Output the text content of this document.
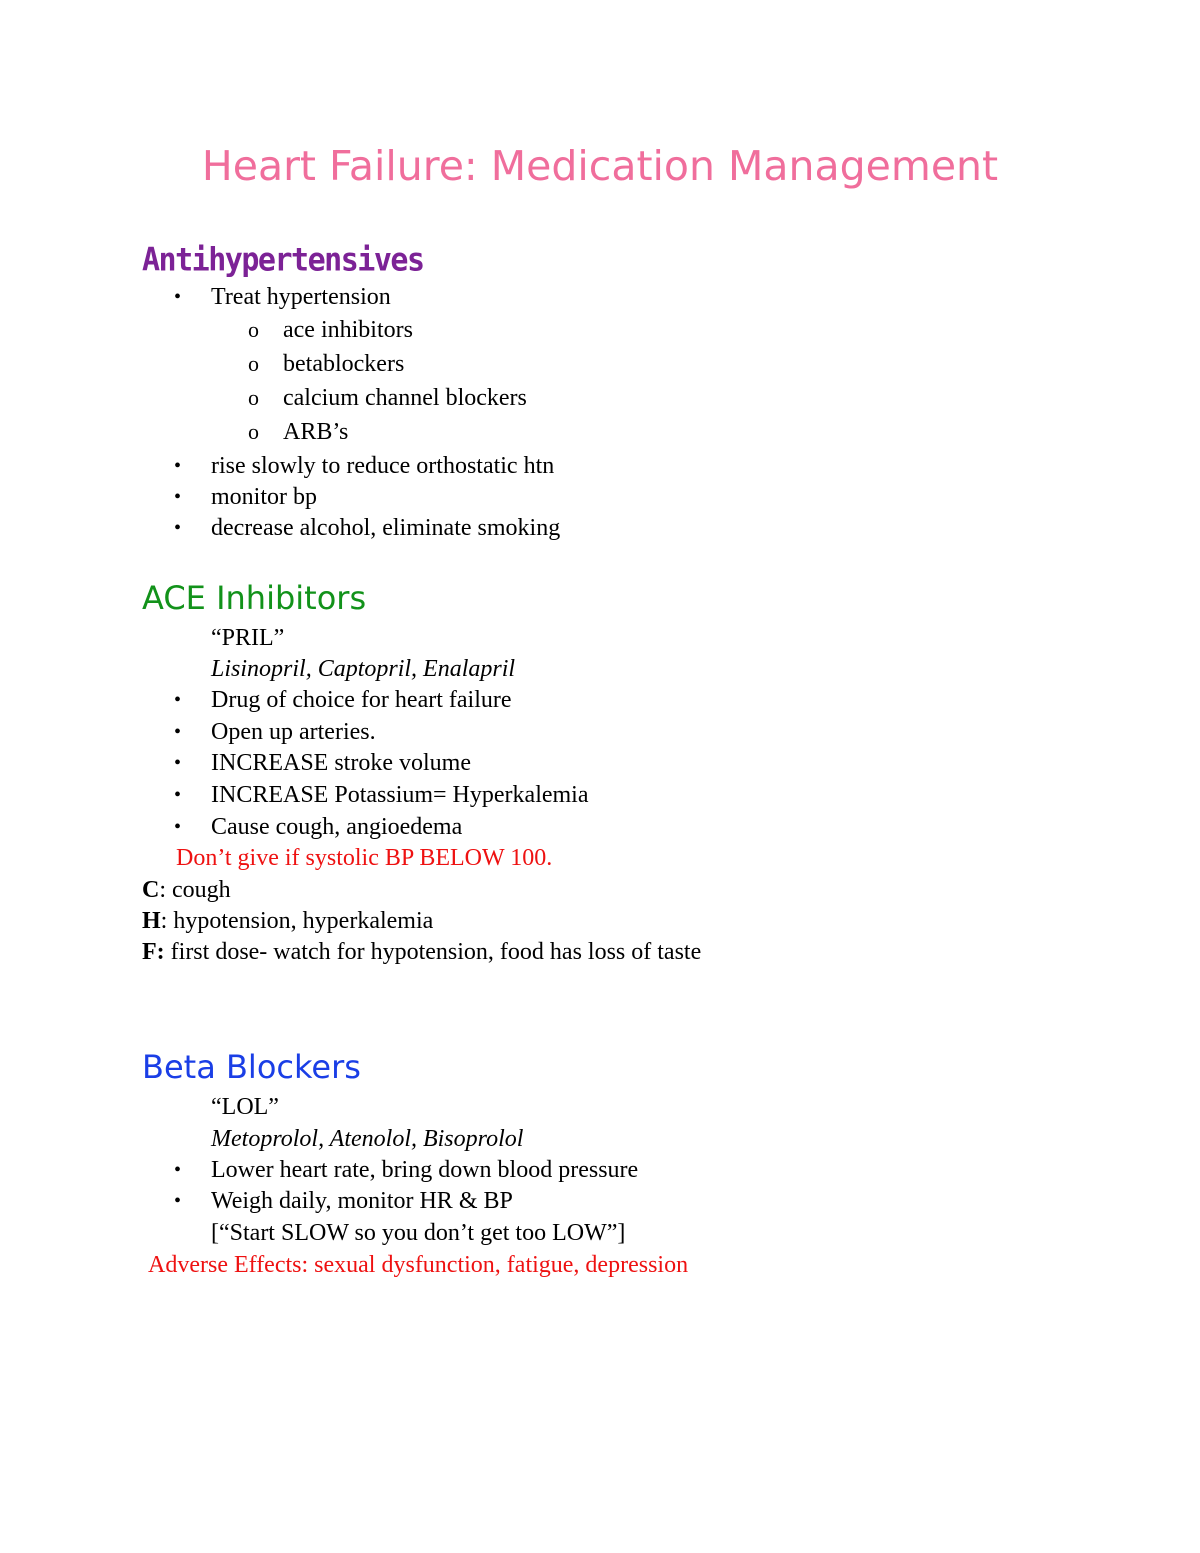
Heart Failure: Medication Management
Antihypertensives
• Treat hypertension
o ace inhibitors
o betablockers
o calcium channel blockers
o ARB’s
• rise slowly to reduce orthostatic htn
• monitor bp
• decrease alcohol, eliminate smoking
ACE Inhibitors
“PRIL”
Lisinopril, Captopril, Enalapril
• Drug of choice for heart failure
• Open up arteries.
• INCREASE stroke volume
• INCREASE Potassium= Hyperkalemia
• Cause cough, angioedema
Don’t give if systolic BP BELOW 100.
C: cough
H: hypotension, hyperkalemia
F: first dose- watch for hypotension, food has loss of taste
Beta Blockers
“LOL”
Metoprolol, Atenolol, Bisoprolol
• Lower heart rate, bring down blood pressure
• Weigh daily, monitor HR & BP
[“Start SLOW so you don’t get too LOW”]
Adverse Effects: sexual dysfunction, fatigue, depression
